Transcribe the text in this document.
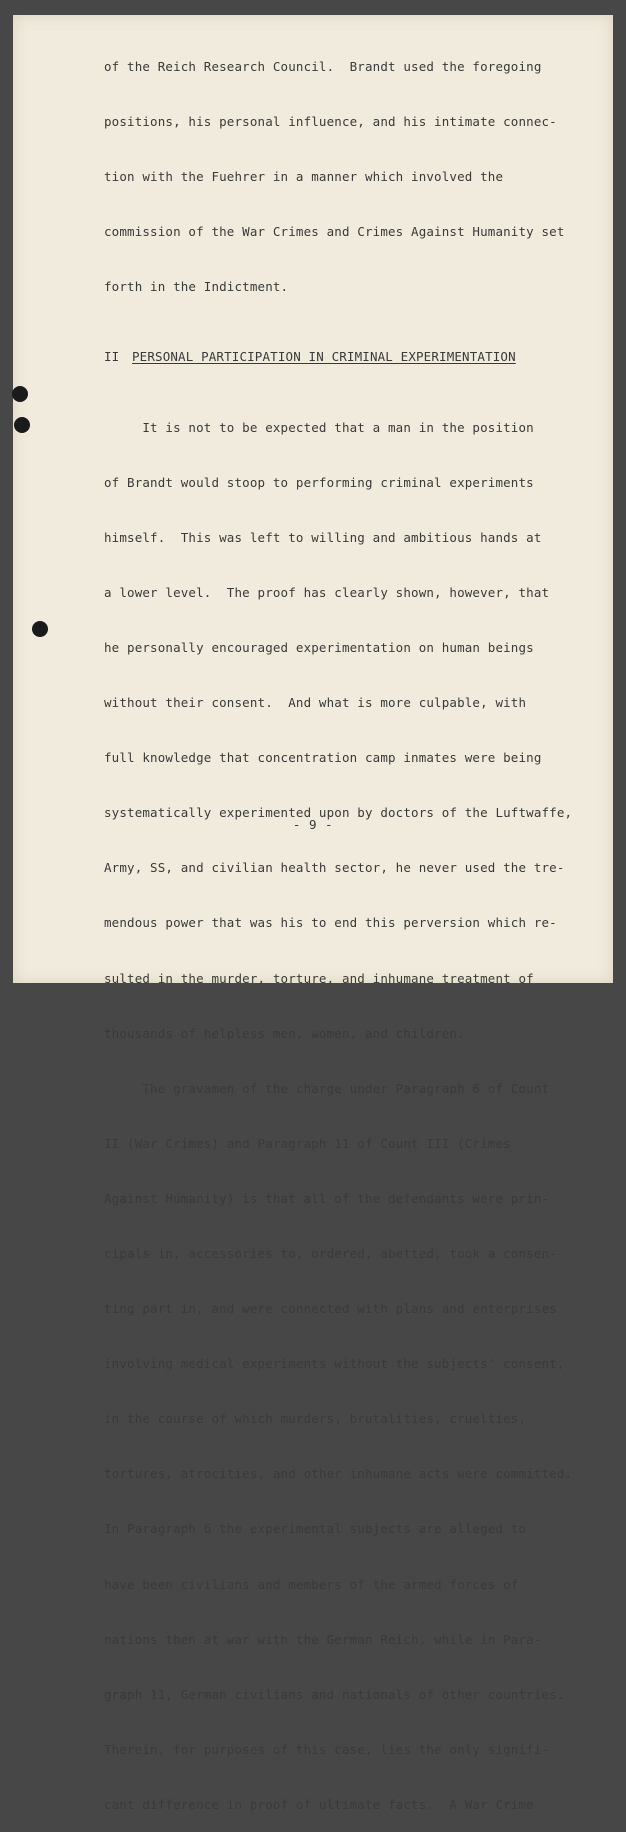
of the Reich Research Council.  Brandt used the foregoing

positions, his personal influence, and his intimate connec-

tion with the Fuehrer in a manner which involved the

commission of the War Crimes and Crimes Against Humanity set

forth in the Indictment.

II PERSONAL PARTICIPATION IN CRIMINAL EXPERIMENTATION

It is not to be expected that a man in the position

of Brandt would stoop to performing criminal experiments

himself.  This was left to willing and ambitious hands at

a lower level.  The proof has clearly shown, however, that

he personally encouraged experimentation on human beings

without their consent.  And what is more culpable, with

full knowledge that concentration camp inmates were being

systematically experimented upon by doctors of the Luftwaffe,

Army, SS, and civilian health sector, he never used the tre-

mendous power that was his to end this perversion which re-

sulted in the murder, torture, and inhumane treatment of

thousands of helpless men, women, and children.

The gravamen of the charge under Paragraph 6 of Count

II (War Crimes) and Paragraph 11 of Count III (Crimes

Against Humanity) is that all of the defendants were prin-

cipals in, accessories to, ordered, abetted, took a consen-

ting part in, and were connected with plans and enterprises

involving medical experiments without the subjects' consent,

in the course of which murders, brutalities, cruelties,

tortures, atrocities, and other inhumane acts were committed.

In Paragraph 6 the experimental subjects are alleged to

have been civilians and members of the armed forces of

nations then at war with the German Reich, while in Para-

graph 11, German civilians and nationals of other countries.

Therein, for purposes of this case, lies the only signifi-

cant difference in proof of ultimate facts.  A War Crime

- 9 -
